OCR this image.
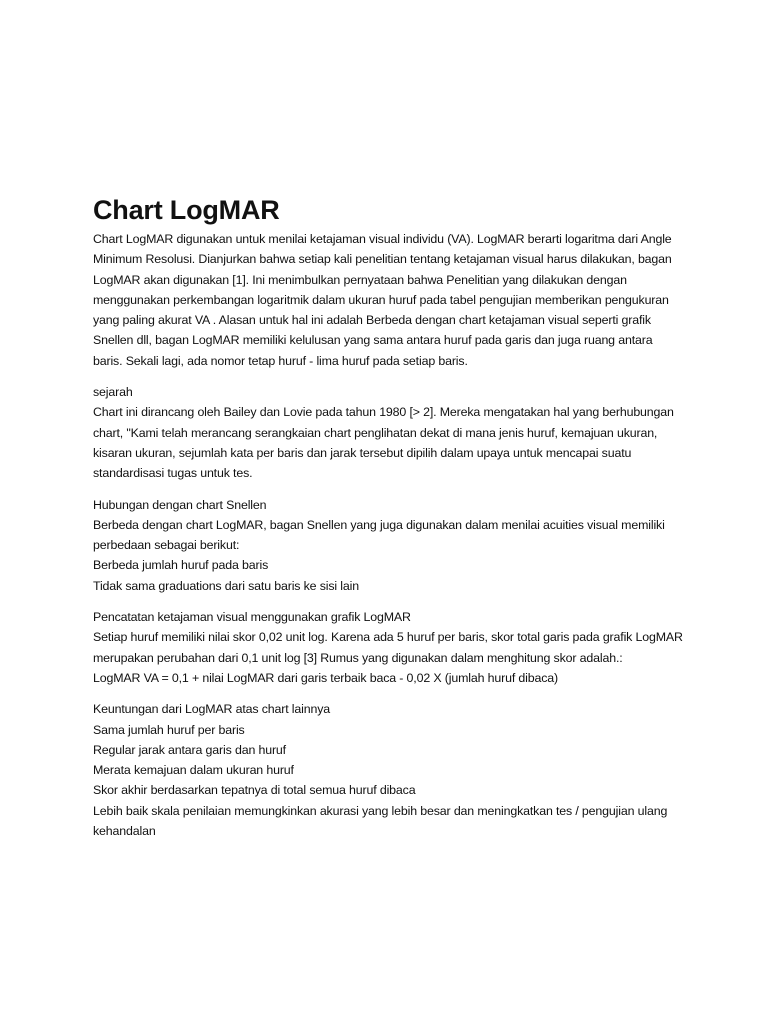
Chart LogMAR

Chart LogMAR digunakan untuk menilai ketajaman visual individu (VA). LogMAR berarti logaritma dari Angle Minimum Resolusi. Dianjurkan bahwa setiap kali penelitian tentang ketajaman visual harus dilakukan, bagan LogMAR akan digunakan [1]. Ini menimbulkan pernyataan bahwa Penelitian yang dilakukan dengan menggunakan perkembangan logaritmik dalam ukuran huruf pada tabel pengujian memberikan pengukuran yang paling akurat VA . Alasan untuk hal ini adalah Berbeda dengan chart ketajaman visual seperti grafik Snellen dll, bagan LogMAR memiliki kelulusan yang sama antara huruf pada garis dan juga ruang antara baris. Sekali lagi, ada nomor tetap huruf - lima huruf pada setiap baris.

sejarah

Chart ini dirancang oleh Bailey dan Lovie pada tahun 1980 [> 2]. Mereka mengatakan hal yang berhubungan chart, "Kami telah merancang serangkaian chart penglihatan dekat di mana jenis huruf, kemajuan ukuran, kisaran ukuran, sejumlah kata per baris dan jarak tersebut dipilih dalam upaya untuk mencapai suatu standardisasi tugas untuk tes.

Hubungan dengan chart Snellen

Berbeda dengan chart LogMAR, bagan Snellen yang juga digunakan dalam menilai acuities visual memiliki perbedaan sebagai berikut:

Berbeda jumlah huruf pada baris
Tidak sama graduations dari satu baris ke sisi lain

Pencatatan ketajaman visual menggunakan grafik LogMAR

Setiap huruf memiliki nilai skor 0,02 unit log. Karena ada 5 huruf per baris, skor total garis pada grafik LogMAR merupakan perubahan dari 0,1 unit log [3] Rumus yang digunakan dalam menghitung skor adalah.:

LogMAR VA = 0,1 + nilai LogMAR dari garis terbaik baca - 0,02 X (jumlah huruf dibaca)

Keuntungan dari LogMAR atas chart lainnya

Sama jumlah huruf per baris
Regular jarak antara garis dan huruf
Merata kemajuan dalam ukuran huruf
Skor akhir berdasarkan tepatnya di total semua huruf dibaca
Lebih baik skala penilaian memungkinkan akurasi yang lebih besar dan meningkatkan tes / pengujian ulang kehandalan
